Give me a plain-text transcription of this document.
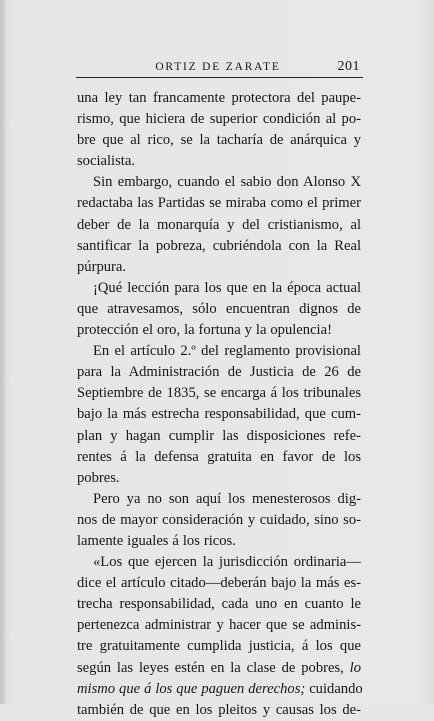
ORTIZ DE ZARATE	201
una ley tan francamente protectora del paupe-
rismo, que hiciera de superior condición al po-
bre que al rico, se la tacharía de anárquica y
socialista.
Sin embargo, cuando el sabio don Alonso X
redactaba las Partidas se miraba como el primer
deber de la monarquía y del cristianismo, al
santificar la pobreza, cubriéndola con la Real
púrpura.
¡Qué lección para los que en la época actual
que atravesamos, sólo encuentran dignos de
protección el oro, la fortuna y la opulencia!
En el artículo 2.º del reglamento provisional
para la Administración de Justicia de 26 de
Septiembre de 1835, se encarga á los tribunales
bajo la más estrecha responsabilidad, que cum-
plan y hagan cumplir las disposiciones refe-
rentes á la defensa gratuita en favor de los
pobres.
Pero ya no son aquí los menesterosos dig-
nos de mayor consideración y cuidado, sino so-
lamente iguales á los ricos.
«Los que ejercen la jurisdicción ordinaria—
dice el artículo citado—deberán bajo la más es-
trecha responsabilidad, cada uno en cuanto le
pertenezca administrar y hacer que se adminis-
tre gratuitamente cumplida justicia, á los que
según las leyes estén en la clase de pobres, lo
mismo que á los que paguen derechos; cuidando
también de que en los pleitos y causas los de-
